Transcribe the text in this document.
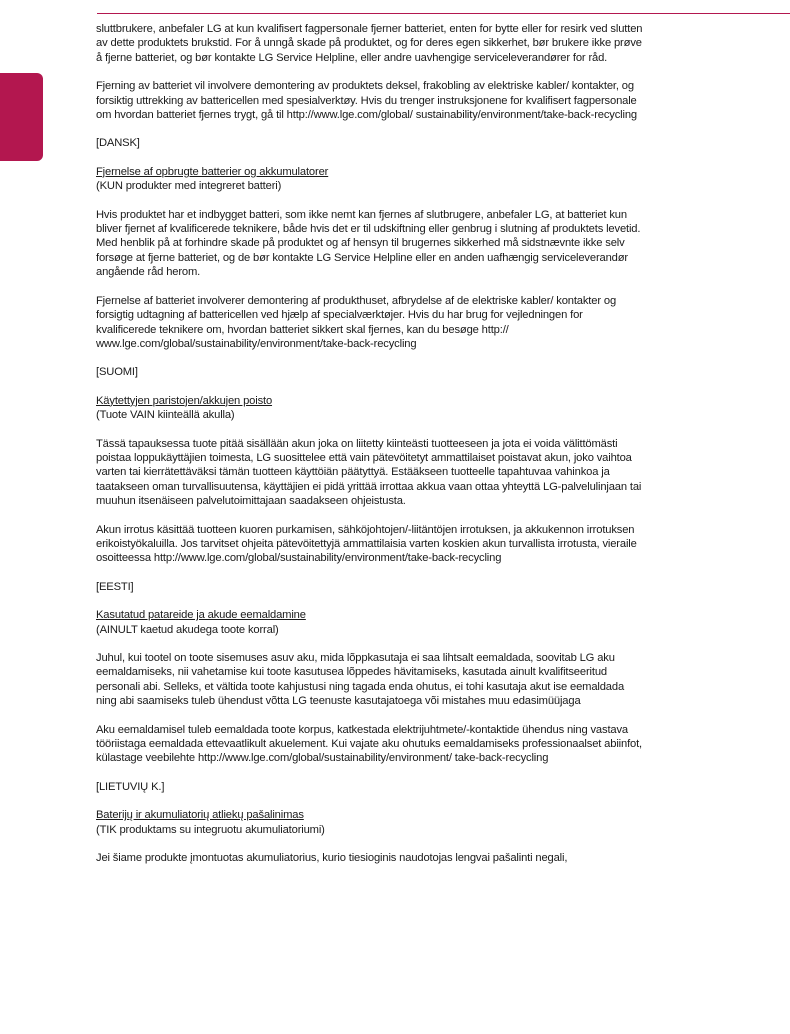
sluttbrukere, anbefaler LG at kun kvalifisert fagpersonale fjerner batteriet, enten for bytte eller for resirk ved slutten av dette produktets brukstid. For å unngå skade på produktet, og for deres egen sikkerhet, bør brukere ikke prøve å fjerne batteriet, og bør kontakte LG Service Helpline, eller andre uavhengige serviceleverandører for råd.

Fjerning av batteriet vil involvere demontering av produktets deksel, frakobling av elektriske kabler/ kontakter, og forsiktig uttrekking av battericellen med spesialverktøy. Hvis du trenger instruksjonene for kvalifisert fagpersonale om hvordan batteriet fjernes trygt, gå til http://www.lge.com/global/ sustainability/environment/take-back-recycling

[DANSK]

Fjernelse af opbrugte batterier og akkumulatorer

(KUN produkter med integreret batteri)

Hvis produktet har et indbygget batteri, som ikke nemt kan fjernes af slutbrugere, anbefaler LG, at batteriet kun bliver fjernet af kvalificerede teknikere, både hvis det er til udskiftning eller genbrug i slutning af produktets levetid. Med henblik på at forhindre skade på produktet og af hensyn til brugernes sikkerhed må sidstnævnte ikke selv forsøge at fjerne batteriet, og de bør kontakte LG Service Helpline eller en anden uafhængig serviceleverandør angående råd herom.

Fjernelse af batteriet involverer demontering af produkthuset, afbrydelse af de elektriske kabler/ kontakter og forsigtig udtagning af battericellen ved hjælp af specialværktøjer. Hvis du har brug for vejledningen for kvalificerede teknikere om, hvordan batteriet sikkert skal fjernes, kan du besøge http:// www.lge.com/global/sustainability/environment/take-back-recycling

[SUOMI]

Käytettyjen paristojen/akkujen poisto

(Tuote VAIN kiinteällä akulla)

Tässä tapauksessa tuote pitää sisällään akun joka on liitetty kiinteästi tuotteeseen ja jota ei voida välittömästi poistaa loppukäyttäjien toimesta, LG suosittelee että vain pätevöitetyt ammattilaiset poistavat akun, joko vaihtoa varten tai kierrätettäväksi tämän tuotteen käyttöiän päätyttyä. Estääkseen tuotteelle tapahtuvaa vahinkoa ja taatakseen oman turvallisuutensa, käyttäjien ei pidä yrittää irrottaa akkua vaan ottaa yhteyttä LG-palvelulinjaan tai muuhun itsenäiseen palvelutoimittajaan saadakseen ohjeistusta.

Akun irrotus käsittää tuotteen kuoren purkamisen, sähköjohtojen/-liitäntöjen irrotuksen, ja akkukennon irrotuksen erikoistyökaluilla. Jos tarvitset ohjeita pätevöitettyjä ammattilaisia varten koskien akun turvallista irrotusta, vieraile osoitteessa http://www.lge.com/global/sustainability/environment/take-back-recycling

[EESTI]

Kasutatud patareide ja akude eemaldamine

(AINULT kaetud akudega toote korral)

Juhul, kui tootel on toote sisemuses asuv aku, mida lõppkasutaja ei saa lihtsalt eemaldada, soovitab LG aku eemaldamiseks, nii vahetamise kui toote kasutusea lõppedes hävitamiseks, kasutada ainult kvalifitseeritud personali abi. Selleks, et vältida toote kahjustusi ning tagada enda ohutus, ei tohi kasutaja akut ise eemaldada ning abi saamiseks tuleb ühendust võtta LG teenuste kasutajatoega või mistahes muu edasimüüjaga

Aku eemaldamisel tuleb eemaldada toote korpus, katkestada elektrijuhtmete/-kontaktide ühendus ning vastava tööriistaga eemaldada ettevaatlikult akuelement. Kui vajate aku ohutuks eemaldamiseks professionaalset abiinfot, külastage veebilehte http://www.lge.com/global/sustainability/environment/ take-back-recycling

[LIETUVIŲ K.]

Baterijų ir akumuliatorių atliekų pašalinimas

(TIK produktams su integruotu akumuliatoriumi)

Jei šiame produkte įmontuotas akumuliatorius, kurio tiesioginis naudotojas lengvai pašalinti negali,
